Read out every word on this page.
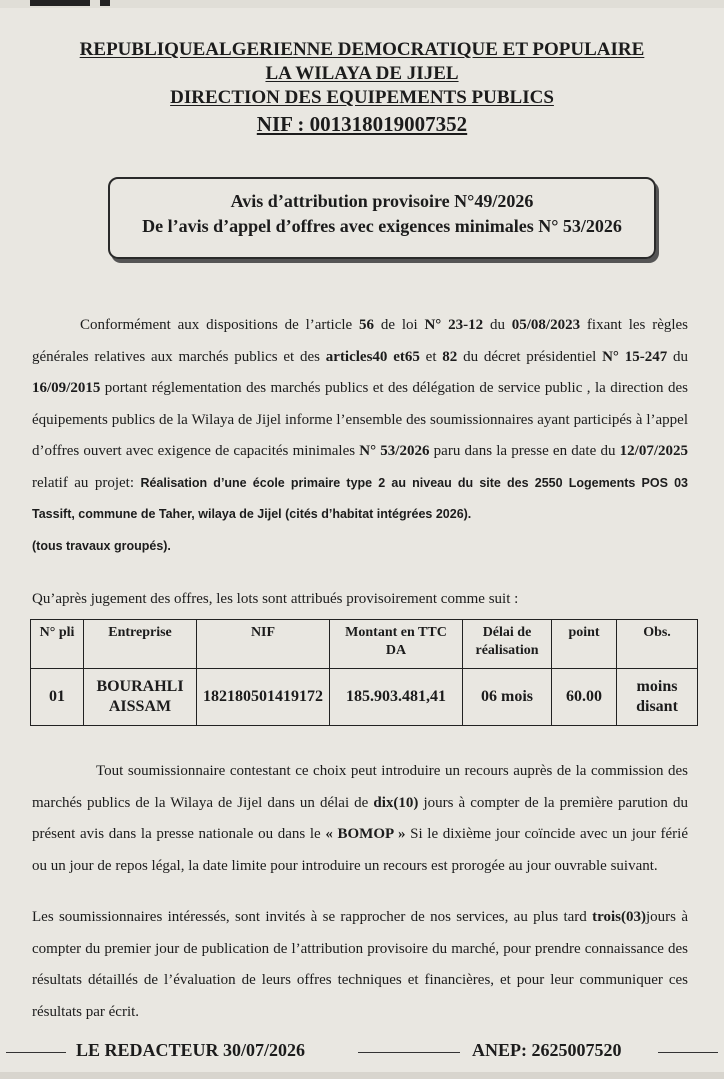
REPUBLIQUEALGERIENNE DEMOCRATIQUE ET POPULAIRE
LA WILAYA DE JIJEL
DIRECTION DES EQUIPEMENTS PUBLICS
NIF : 001318019007352
Avis d’attribution provisoire N°49/2026
De l’avis d’appel d’offres avec exigences minimales N° 53/2026
Conformément aux dispositions de l’article 56 de loi N° 23-12 du 05/08/2023 fixant les règles générales relatives aux marchés publics et des articles40 et65 et 82 du décret présidentiel N° 15-247 du 16/09/2015 portant réglementation des marchés publics et des délégation de service public , la direction des équipements publics de la Wilaya de Jijel informe l’ensemble des soumissionnaires ayant participés à l’appel d’offres ouvert avec exigence de capacités minimales N° 53/2026 paru dans la presse en date du 12/07/2025 relatif au projet: Réalisation d’une école primaire type 2 au niveau du site des 2550 Logements POS 03 Tassift, commune de Taher, wilaya de Jijel (cités d’habitat intégrées 2026).
(tous travaux groupés).
Qu’après jugement des offres, les lots sont attribués provisoirement comme suit :
N° pli	Entreprise	NIF	Montant en TTC DA	Délai de réalisation	point	Obs.
01	BOURAHLI AISSAM	182180501419172	185.903.481,41	06 mois	60.00	moins disant
Tout soumissionnaire contestant ce choix peut introduire un recours auprès de la commission des marchés publics de la Wilaya de Jijel dans un délai de dix(10) jours à compter de la première parution du présent avis dans la presse nationale ou dans le « BOMOP » Si le dixième jour coïncide avec un jour férié ou un jour de repos légal, la date limite pour introduire un recours est prorogée au jour ouvrable suivant.
Les soumissionnaires intéressés, sont invités à se rapprocher de nos services, au plus tard trois(03)jours à compter du premier jour de publication de l’attribution provisoire du marché, pour prendre connaissance des résultats détaillés de l’évaluation de leurs offres techniques et financières, et pour leur communiquer ces résultats par écrit.
LE REDACTEUR 30/07/2026	ANEP: 2625007520
